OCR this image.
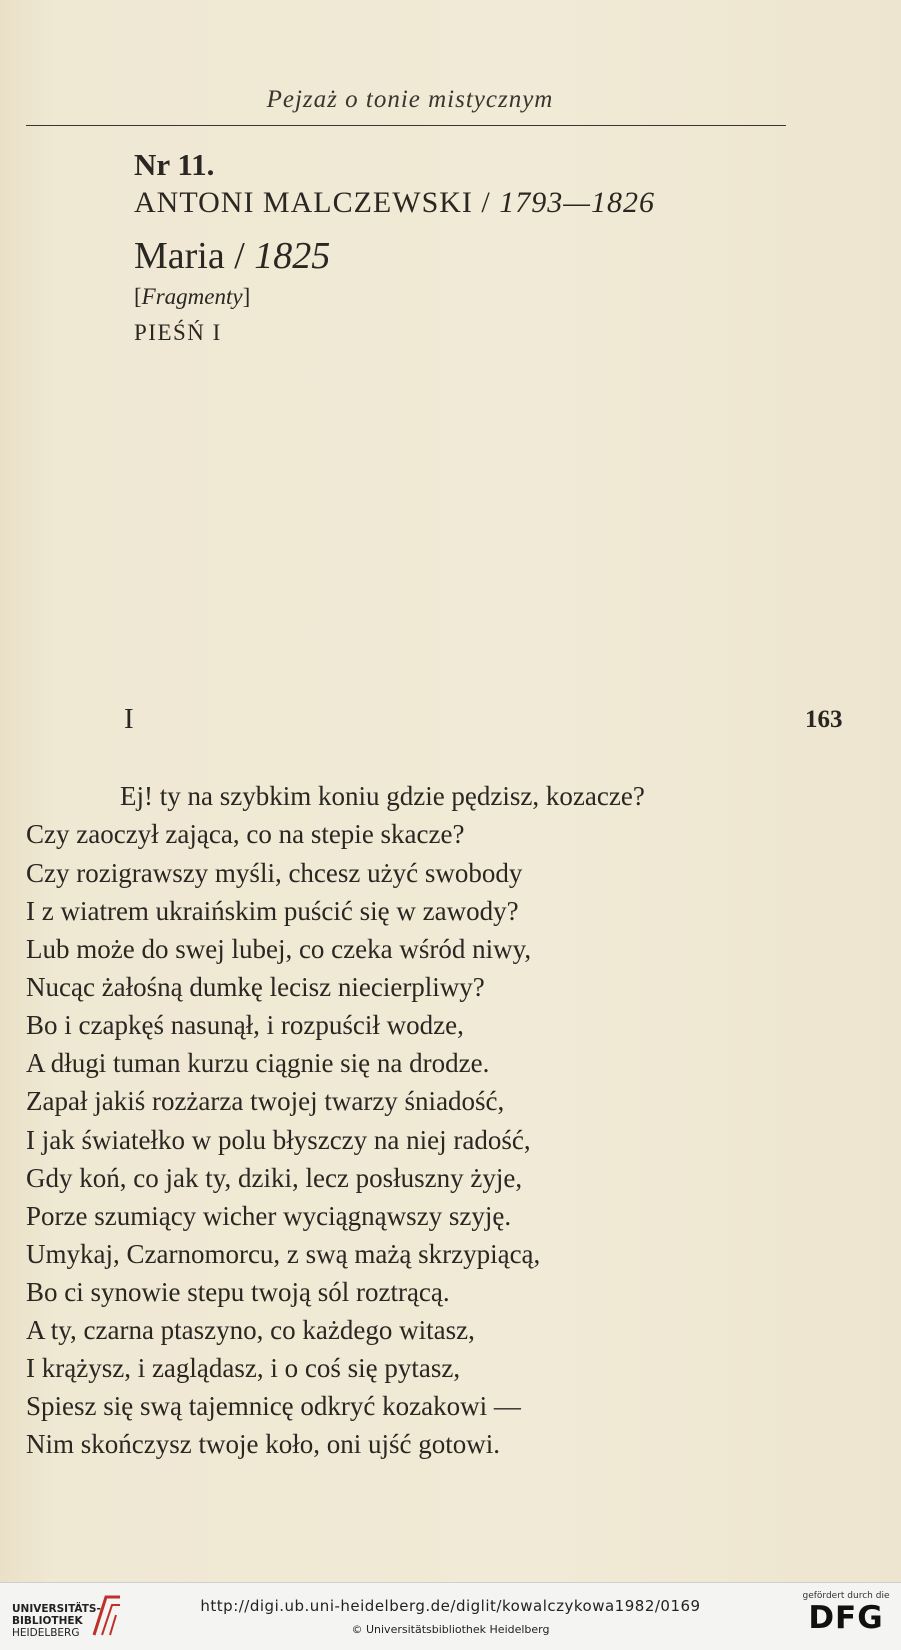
Pejzaż o tonie mistycznym
Nr 11.
ANTONI MALCZEWSKI / 1793—1826
Maria / 1825
[Fragmenty]
PIEŚŃ I
I	163
Ej! ty na szybkim koniu gdzie pędzisz, kozacze?
Czy zaoczył zająca, co na stepie skacze?
Czy rozigrawszy myśli, chcesz użyć swobody
I z wiatrem ukraińskim puścić się w zawody?
Lub może do swej lubej, co czeka wśród niwy,
Nucąc żałośną dumkę lecisz niecierpliwy?
Bo i czapkęś nasunął, i rozpuścił wodze,
A długi tuman kurzu ciągnie się na drodze.
Zapał jakiś rozżarza twojej twarzy śniadość,
I jak światełko w polu błyszczy na niej radość,
Gdy koń, co jak ty, dziki, lecz posłuszny żyje,
Porze szumiący wicher wyciągnąwszy szyję.
Umykaj, Czarnomorcu, z swą mażą skrzypiącą,
Bo ci synowie stepu twoją sól roztrącą.
A ty, czarna ptaszyno, co każdego witasz,
I krążysz, i zaglądasz, i o coś się pytasz,
Spiesz się swą tajemnicę odkryć kozakowi —
Nim skończysz twoje koło, oni ujść gotowi.
UNIVERSITÄTS-
BIBLIOTHEK
HEIDELBERG
http://digi.ub.uni-heidelberg.de/diglit/kowalczykowa1982/0169
© Universitätsbibliothek Heidelberg
gefördert durch die
DFG
